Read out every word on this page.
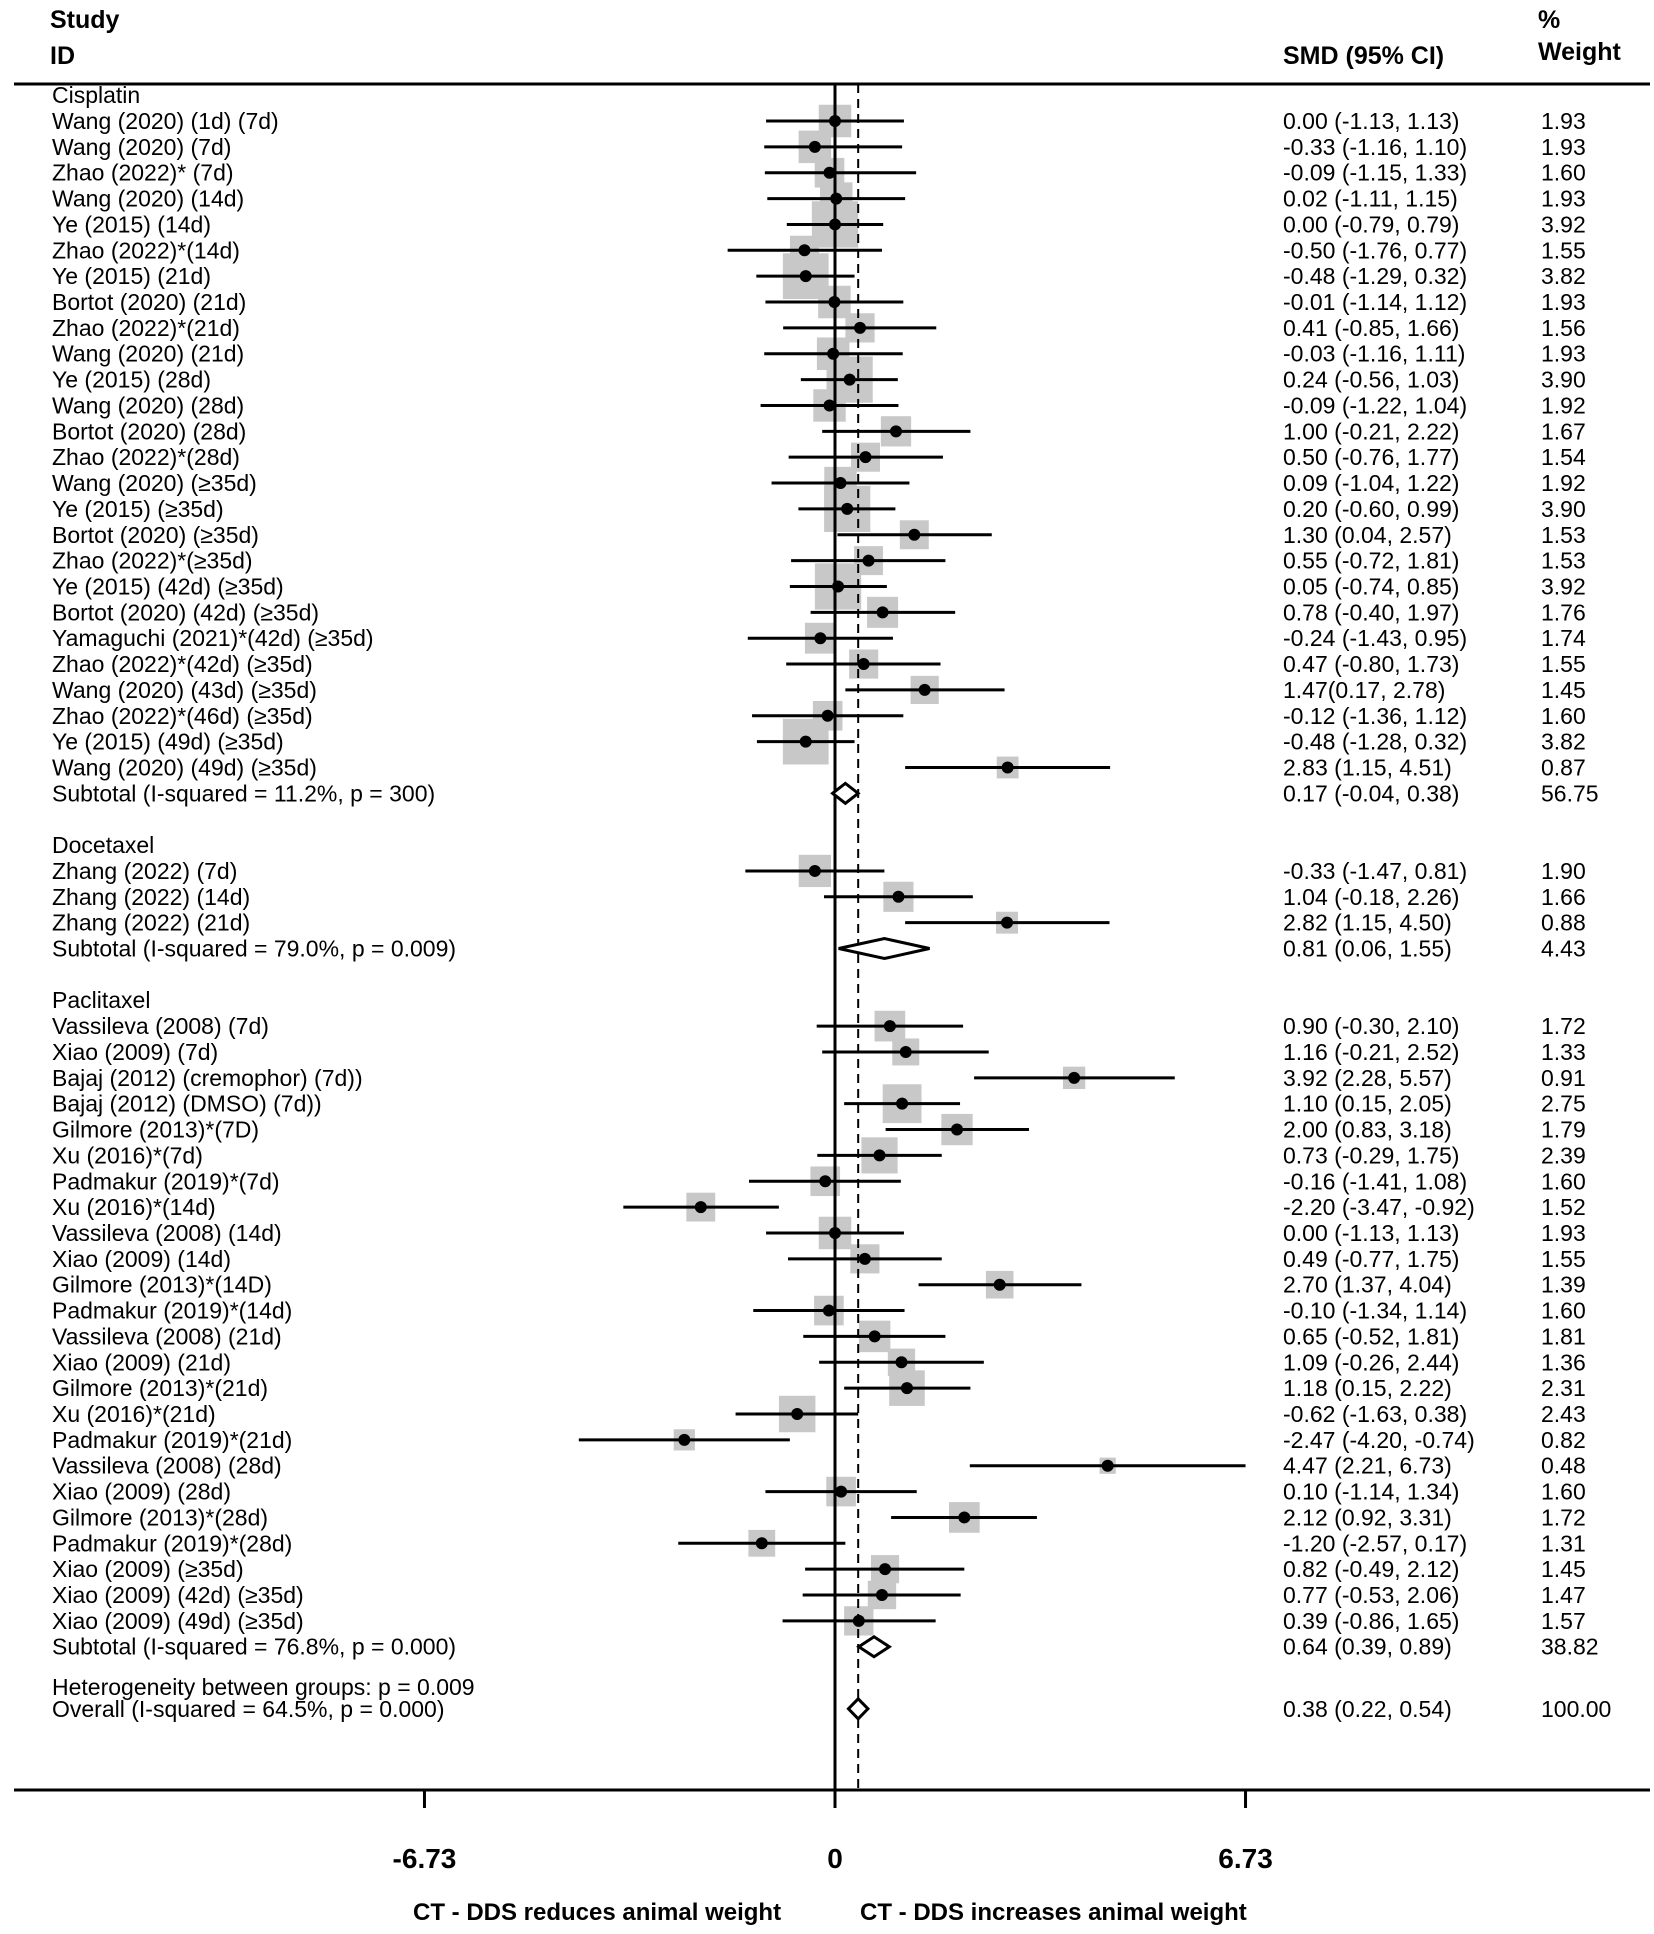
Study
ID	SMD (95% CI)
%
Weight
Cisplatin
Wang (2020) (1d) (7d)	0.00 (-1.13, 1.13)	1.93
Wang (2020) (7d)	-0.33 (-1.16, 1.10)	1.93
Zhao (2022)* (7d)	-0.09 (-1.15, 1.33)	1.60
Wang (2020) (14d)	0.02 (-1.11, 1.15)	1.93
Ye (2015) (14d)	0.00 (-0.79, 0.79)	3.92
Zhao (2022)*(14d)	-0.50 (-1.76, 0.77)	1.55
Ye (2015) (21d)	-0.48 (-1.29, 0.32)	3.82
Bortot (2020) (21d)	-0.01 (-1.14, 1.12)	1.93
Zhao (2022)*(21d)	0.41 (-0.85, 1.66)	1.56
Wang (2020) (21d)	-0.03 (-1.16, 1.11)	1.93
Ye (2015) (28d)	0.24 (-0.56, 1.03)	3.90
Wang (2020) (28d)	-0.09 (-1.22, 1.04)	1.92
Bortot (2020) (28d)	1.00 (-0.21, 2.22)	1.67
Zhao (2022)*(28d)	0.50 (-0.76, 1.77)	1.54
Wang (2020) (≥35d)	0.09 (-1.04, 1.22)	1.92
Ye (2015) (≥35d)	0.20 (-0.60, 0.99)	3.90
Bortot (2020) (≥35d)	1.30 (0.04, 2.57)	1.53
Zhao (2022)*(≥35d)	0.55 (-0.72, 1.81)	1.53
Ye (2015) (42d) (≥35d)	0.05 (-0.74, 0.85)	3.92
Bortot (2020) (42d) (≥35d)	0.78 (-0.40, 1.97)	1.76
Yamaguchi (2021)*(42d) (≥35d)	-0.24 (-1.43, 0.95)	1.74
Zhao (2022)*(42d) (≥35d)	0.47 (-0.80, 1.73)	1.55
Wang (2020) (43d) (≥35d)	1.47(0.17, 2.78)	1.45
Zhao (2022)*(46d) (≥35d)	-0.12 (-1.36, 1.12)	1.60
Ye (2015) (49d) (≥35d)	-0.48 (-1.28, 0.32)	3.82
Wang (2020) (49d) (≥35d)	2.83 (1.15, 4.51)	0.87
Subtotal (I-squared = 11.2%, p = 300)	0.17 (-0.04, 0.38)	56.75
Docetaxel
Zhang (2022) (7d)	-0.33 (-1.47, 0.81)	1.90
Zhang (2022) (14d)	1.04 (-0.18, 2.26)	1.66
Zhang (2022) (21d)	2.82 (1.15, 4.50)	0.88
Subtotal (I-squared = 79.0%, p = 0.009)	0.81 (0.06, 1.55)	4.43
Paclitaxel
Vassileva (2008) (7d)	0.90 (-0.30, 2.10)	1.72
Xiao (2009) (7d)	1.16 (-0.21, 2.52)	1.33
Bajaj (2012) (cremophor) (7d))	3.92 (2.28, 5.57)	0.91
Bajaj (2012) (DMSO) (7d))	1.10 (0.15, 2.05)	2.75
Gilmore (2013)*(7D)	2.00 (0.83, 3.18)	1.79
Xu (2016)*(7d)	0.73 (-0.29, 1.75)	2.39
Padmakur (2019)*(7d)	-0.16 (-1.41, 1.08)	1.60
Xu (2016)*(14d)	-2.20 (-3.47, -0.92)	1.52
Vassileva (2008) (14d)	0.00 (-1.13, 1.13)	1.93
Xiao (2009) (14d)	0.49 (-0.77, 1.75)	1.55
Gilmore (2013)*(14D)	2.70 (1.37, 4.04)	1.39
Padmakur (2019)*(14d)	-0.10 (-1.34, 1.14)	1.60
Vassileva (2008) (21d)	0.65 (-0.52, 1.81)	1.81
Xiao (2009) (21d)	1.09 (-0.26, 2.44)	1.36
Gilmore (2013)*(21d)	1.18 (0.15, 2.22)	2.31
Xu (2016)*(21d)	-0.62 (-1.63, 0.38)	2.43
Padmakur (2019)*(21d)	-2.47 (-4.20, -0.74)	0.82
Vassileva (2008) (28d)	4.47 (2.21, 6.73)	0.48
Xiao (2009) (28d)	0.10 (-1.14, 1.34)	1.60
Gilmore (2013)*(28d)	2.12 (0.92, 3.31)	1.72
Padmakur (2019)*(28d)	-1.20 (-2.57, 0.17)	1.31
Xiao (2009) (≥35d)	0.82 (-0.49, 2.12)	1.45
Xiao (2009) (42d) (≥35d)	0.77 (-0.53, 2.06)	1.47
Xiao (2009) (49d) (≥35d)	0.39 (-0.86, 1.65)	1.57
Subtotal (I-squared = 76.8%, p = 0.000)	0.64 (0.39, 0.89)	38.82
Heterogeneity between groups: p = 0.009
Overall (I-squared = 64.5%, p = 0.000)	0.38 (0.22, 0.54)	100.00
-6.73	0	6.73
CT - DDS reduces animal weight	CT - DDS increases animal weight
